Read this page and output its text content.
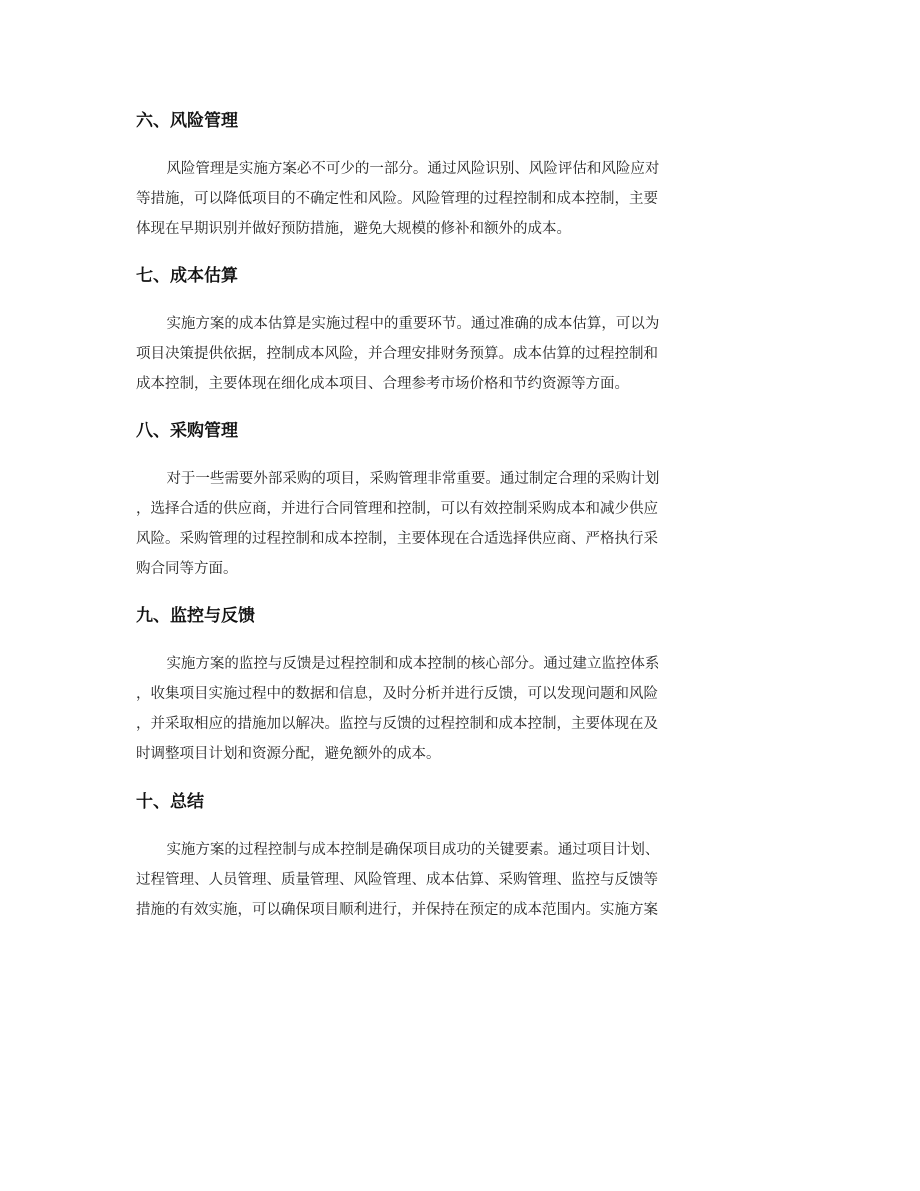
六、风险管理

风险管理是实施方案必不可少的一部分。通过风险识别、风险评估和风险应对
等措施，可以降低项目的不确定性和风险。风险管理的过程控制和成本控制，主要
体现在早期识别并做好预防措施，避免大规模的修补和额外的成本。

七、成本估算

实施方案的成本估算是实施过程中的重要环节。通过准确的成本估算，可以为
项目决策提供依据，控制成本风险，并合理安排财务预算。成本估算的过程控制和
成本控制，主要体现在细化成本项目、合理参考市场价格和节约资源等方面。

八、采购管理

对于一些需要外部采购的项目，采购管理非常重要。通过制定合理的采购计划
，选择合适的供应商，并进行合同管理和控制，可以有效控制采购成本和减少供应
风险。采购管理的过程控制和成本控制，主要体现在合适选择供应商、严格执行采
购合同等方面。

九、监控与反馈

实施方案的监控与反馈是过程控制和成本控制的核心部分。通过建立监控体系
，收集项目实施过程中的数据和信息，及时分析并进行反馈，可以发现问题和风险
，并采取相应的措施加以解决。监控与反馈的过程控制和成本控制，主要体现在及
时调整项目计划和资源分配，避免额外的成本。

十、总结

实施方案的过程控制与成本控制是确保项目成功的关键要素。通过项目计划、
过程管理、人员管理、质量管理、风险管理、成本估算、采购管理、监控与反馈等
措施的有效实施，可以确保项目顺利进行，并保持在预定的成本范围内。实施方案
